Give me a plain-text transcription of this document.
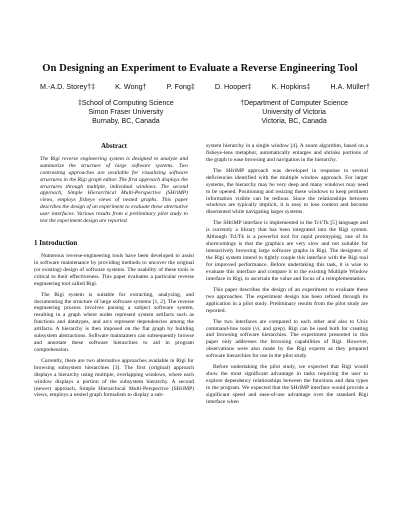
On Designing an Experiment to Evaluate a Reverse Engineering Tool
M.-A.D. Storey†‡	K. Wong†	P. Fong‡	D. Hooper‡	K. Hopkins‡	H.A. Müller†
‡School of Computing Science
Simon Fraser University
Burnaby, BC, Canada
†Department of Computer Science
University of Victoria
Victoria, BC, Canada
Abstract
The Rigi reverse engineering system is designed to analyze and summarize the structure of large software systems. Two contrasting approaches are available for visualizing software structures in the Rigi graph editor. The first approach displays the structures through multiple, individual windows. The second approach, Simple Hierarchical Multi-Perspective (SHriMP) views, employs fisheye views of nested graphs. This paper describes the design of an experiment to evaluate these alternative user interfaces. Various results from a preliminary pilot study to test the experiment design are reported.
1 Introduction

Numerous reverse-engineering tools have been developed to assist in software maintenance by providing methods to uncover the original (or existing) design of software systems. The usability of these tools is critical to their effectiveness. This paper evaluates a particular reverse engineering tool called Rigi.

The Rigi system is suitable for extracting, analyzing, and documenting the structure of large software systems [1, 2]. The reverse engineering process involves parsing a subject software system, resulting in a graph where nodes represent system artifacts such as functions and datatypes, and arcs represent dependencies among the artifacts. A hierarchy is then imposed on the flat graph by building subsystem abstractions. Software maintainers can subsequently browse and annotate these software hierarchies to aid in program comprehension.

Currently, there are two alternative approaches available in Rigi for browsing subsystem hierarchies [3]. The first (original) approach displays a hierarchy using multiple, overlapping windows, where each window displays a portion of the subsystem hierarchy. A second (newer) approach, Simple Hierarchical Multi-Perspective (SHriMP) views, employs a nested graph formalism to display a sub-

system hierarchy in a single window [4]. A zoom algorithm, based on a fisheye-lens metaphor, automatically enlarges and shrinks portions of the graph to ease browsing and navigation in the hierarchy.

The SHriMP approach was developed in response to several deficiencies identified with the multiple window approach. For larger systems, the hierarchy may be very deep and many windows may need to be opened. Positioning and resizing these windows to keep pertinent information visible can be tedious. Since the relationships between windows are typically implicit, it is easy to lose context and become disoriented while navigating larger systems.

The SHriMP interface is implemented in the Tcl/Tk [5] language and is currently a library that has been integrated into the Rigi system. Although Tcl/Tk is a powerful tool for rapid prototyping, one of its shortcomings is that the graphics are very slow and not suitable for interactively browsing large software graphs in Rigi. The designers of the Rigi system intend to tightly couple this interface with the Rigi tool for improved performance. Before undertaking this task, it is wise to evaluate this interface and compare it to the existing Multiple Window interface in Rigi, to ascertain the value and focus of a reimplementation.

This paper describes the design of an experiment to evaluate these two approaches. The experiment design has been refined through its application in a pilot study. Preliminary results from the pilot study are reported.

The two interfaces are compared to each other and also to Unix command-line tools (vi, and grep). Rigi can be used both for creating and browsing software hierarchies. The experiment presented in this paper only addresses the browsing capabilities of Rigi. However, observations were also made by the Rigi experts as they prepared software hierarchies for use in the pilot study.

Before undertaking the pilot study, we expected that Rigi would show the most significant advantage in tasks requiring the user to explore dependency relationships between the functions and data types in the program. We expected that the SHriMP interface would provide a significant speed and ease-of-use advantage over the standard Rigi interface when
